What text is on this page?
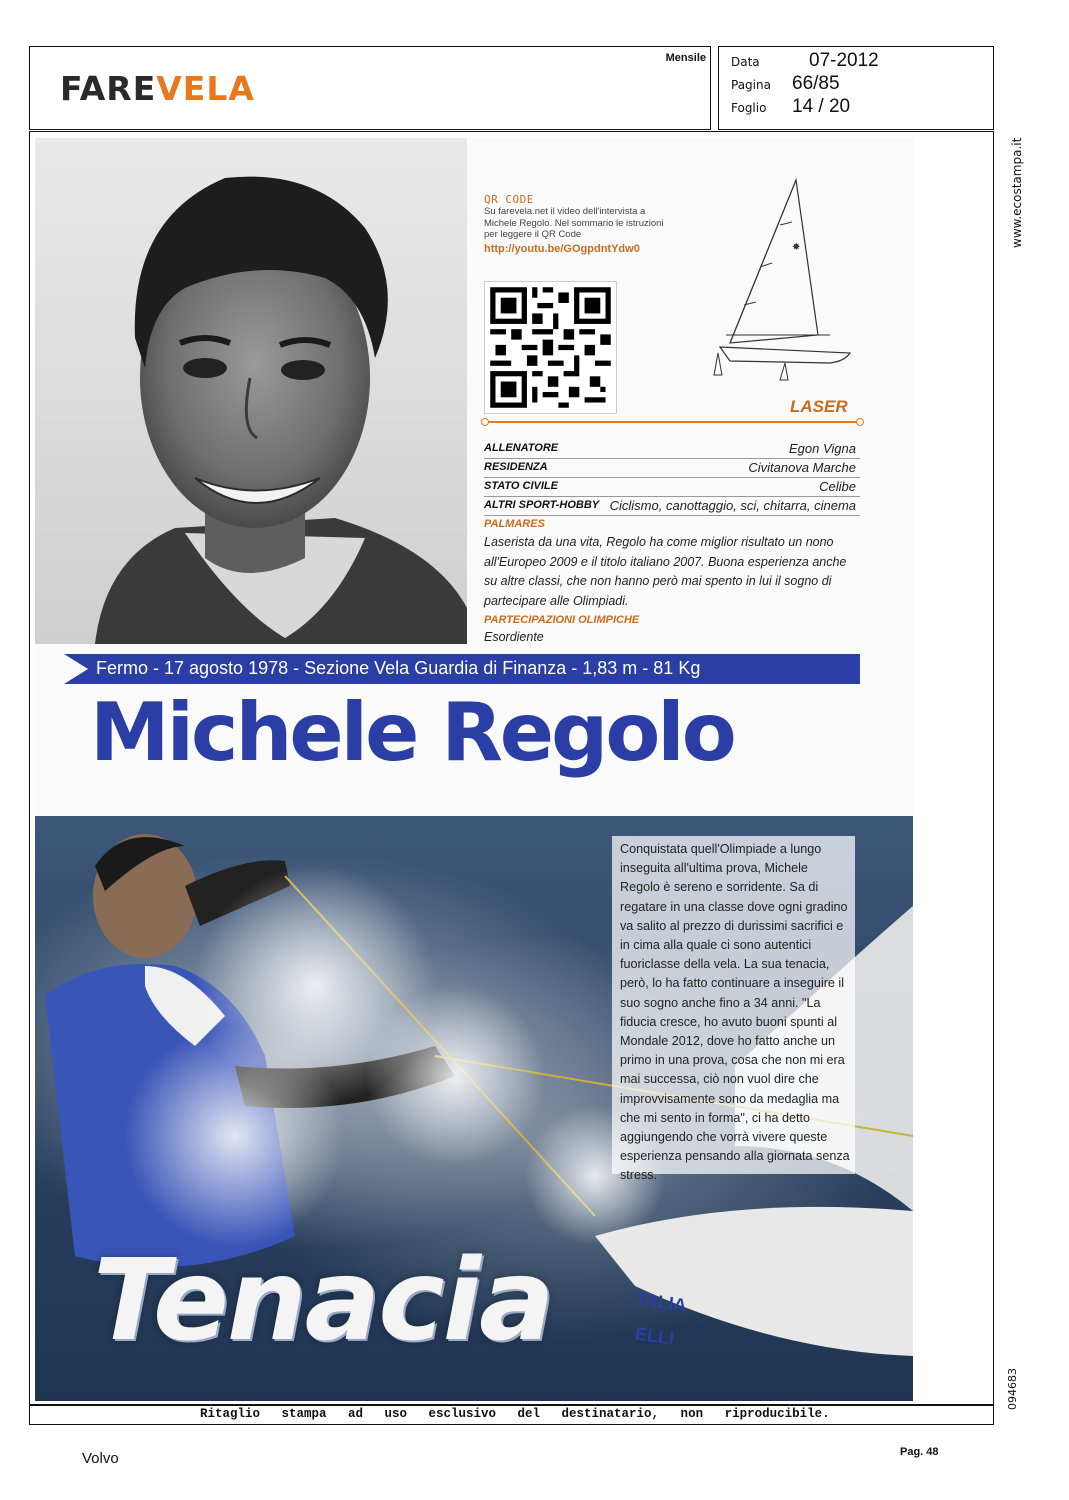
FAREVELA
Mensile Data	07-2012
Pagina 66/85
Foglio 14 / 20
www.ecostampa.it
094683
QR CODE
Su farevela.net il video dell'intervista a Michele Regolo. Nel sommario le istruzioni per leggere il QR Code
http://youtu.be/GOgpdntYdw0	✸
LASER
ALLENATORE	Egon Vigna
RESIDENZA	Civitanova Marche
STATO CIVILE	Celibe
ALTRI SPORT-HOBBY Ciclismo, canottaggio, sci, chitarra, cinema
PALMARES
Laserista da una vita, Regolo ha come miglior risultato un nono all'Europeo 2009 e il titolo italiano 2007. Buona esperienza anche su altre classi, che non hanno però mai spento in lui il sogno di partecipare alle Olimpiadi.
PARTECIPAZIONI OLIMPICHE
Esordiente
Fermo - 17 agosto 1978 - Sezione Vela Guardia di Finanza - 1,83 m - 81 Kg
Michele Regolo
TALIA
ELLI
Conquistata quell'Olimpiade a lungo inseguita all'ultima prova, Michele Regolo è sereno e sorridente. Sa di regatare in una classe dove ogni gradino va salito al prezzo di durissimi sacrifici e in cima alla quale ci sono autentici fuoriclasse della vela. La sua tenacia, però, lo ha fatto continuare a inseguire il suo sogno anche fino a 34 anni. "La fiducia cresce, ho avuto buoni spunti al Mondale 2012, dove ho fatto anche un primo in una prova, cosa che non mi era mai successa, ciò non vuol dire che improvvisamente sono da medaglia ma che mi sento in forma", ci ha detto aggiungendo che vorrà vivere queste esperienza pensando alla giornata senza stress.
Tenacia
Ritaglio stampa ad uso esclusivo del destinatario, non riproducibile.
Volvo	Pag. 48
